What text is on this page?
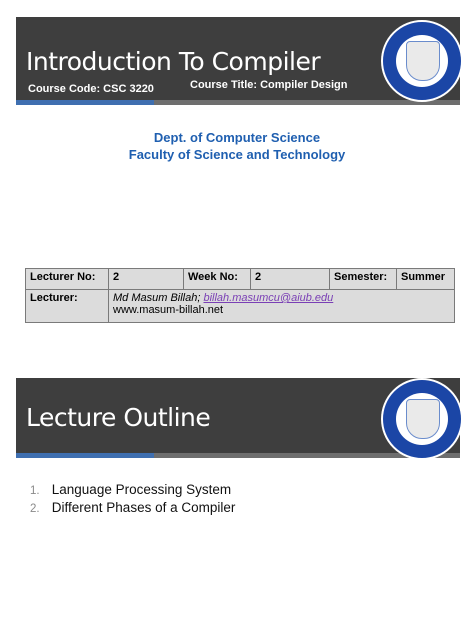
Introduction To Compiler
Course Title: Compiler Design
Course Code: CSC 3220
Dept. of Computer Science
Faculty of Science and Technology
Lecturer No:	2	Week No:	2	Semester:	Summer
Lecturer:	Md Masum Billah; billah.masumcu@aiub.edu
www.masum-billah.net				
Lecture Outline
1. Language Processing System
2. Different Phases of a Compiler
